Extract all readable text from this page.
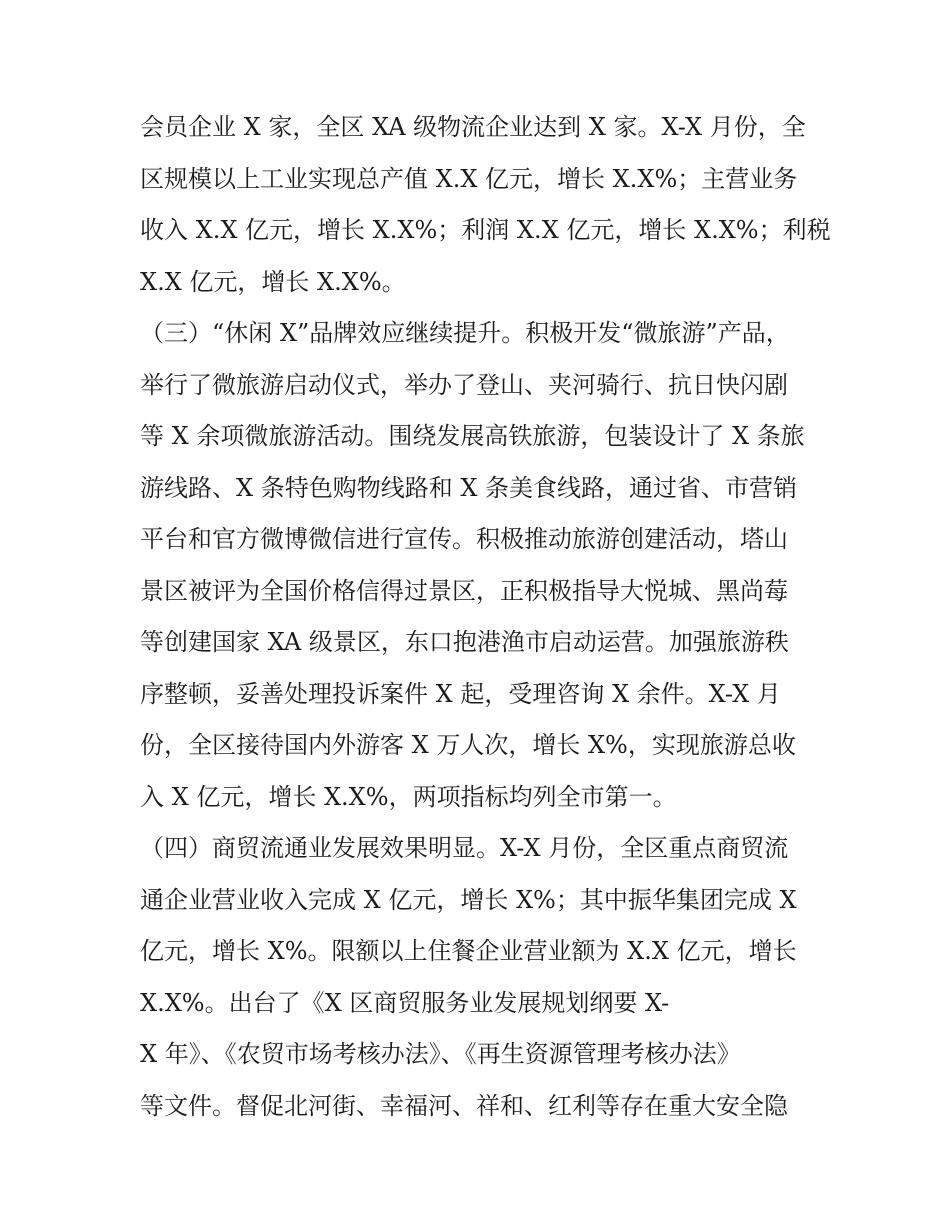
会员企业 X 家，全区 XA 级物流企业达到 X 家。X-X 月份，全
区规模以上工业实现总产值 X.X 亿元，增长 X.X%；主营业务
收入 X.X 亿元，增长 X.X%；利润 X.X 亿元，增长 X.X%；利税
X.X 亿元，增长 X.X%。
（三）“休闲 X”品牌效应继续提升。积极开发“微旅游”产品，
举行了微旅游启动仪式，举办了登山、夹河骑行、抗日快闪剧
等 X 余项微旅游活动。围绕发展高铁旅游，包装设计了 X 条旅
游线路、X 条特色购物线路和 X 条美食线路，通过省、市营销
平台和官方微博微信进行宣传。积极推动旅游创建活动，塔山
景区被评为全国价格信得过景区，正积极指导大悦城、黑尚莓
等创建国家 XA 级景区，东口抱港渔市启动运营。加强旅游秩
序整顿，妥善处理投诉案件 X 起，受理咨询 X 余件。X-X 月
份，全区接待国内外游客 X 万人次，增长 X%，实现旅游总收
入 X 亿元，增长 X.X%，两项指标均列全市第一。
（四）商贸流通业发展效果明显。X-X 月份，全区重点商贸流
通企业营业收入完成 X 亿元，增长 X%；其中振华集团完成 X
亿元，增长 X%。限额以上住餐企业营业额为 X.X 亿元，增长
X.X%。出台了《X 区商贸服务业发展规划纲要 X-
X 年》、《农贸市场考核办法》、《再生资源管理考核办法》
等文件。督促北河街、幸福河、祥和、红利等存在重大安全隐
